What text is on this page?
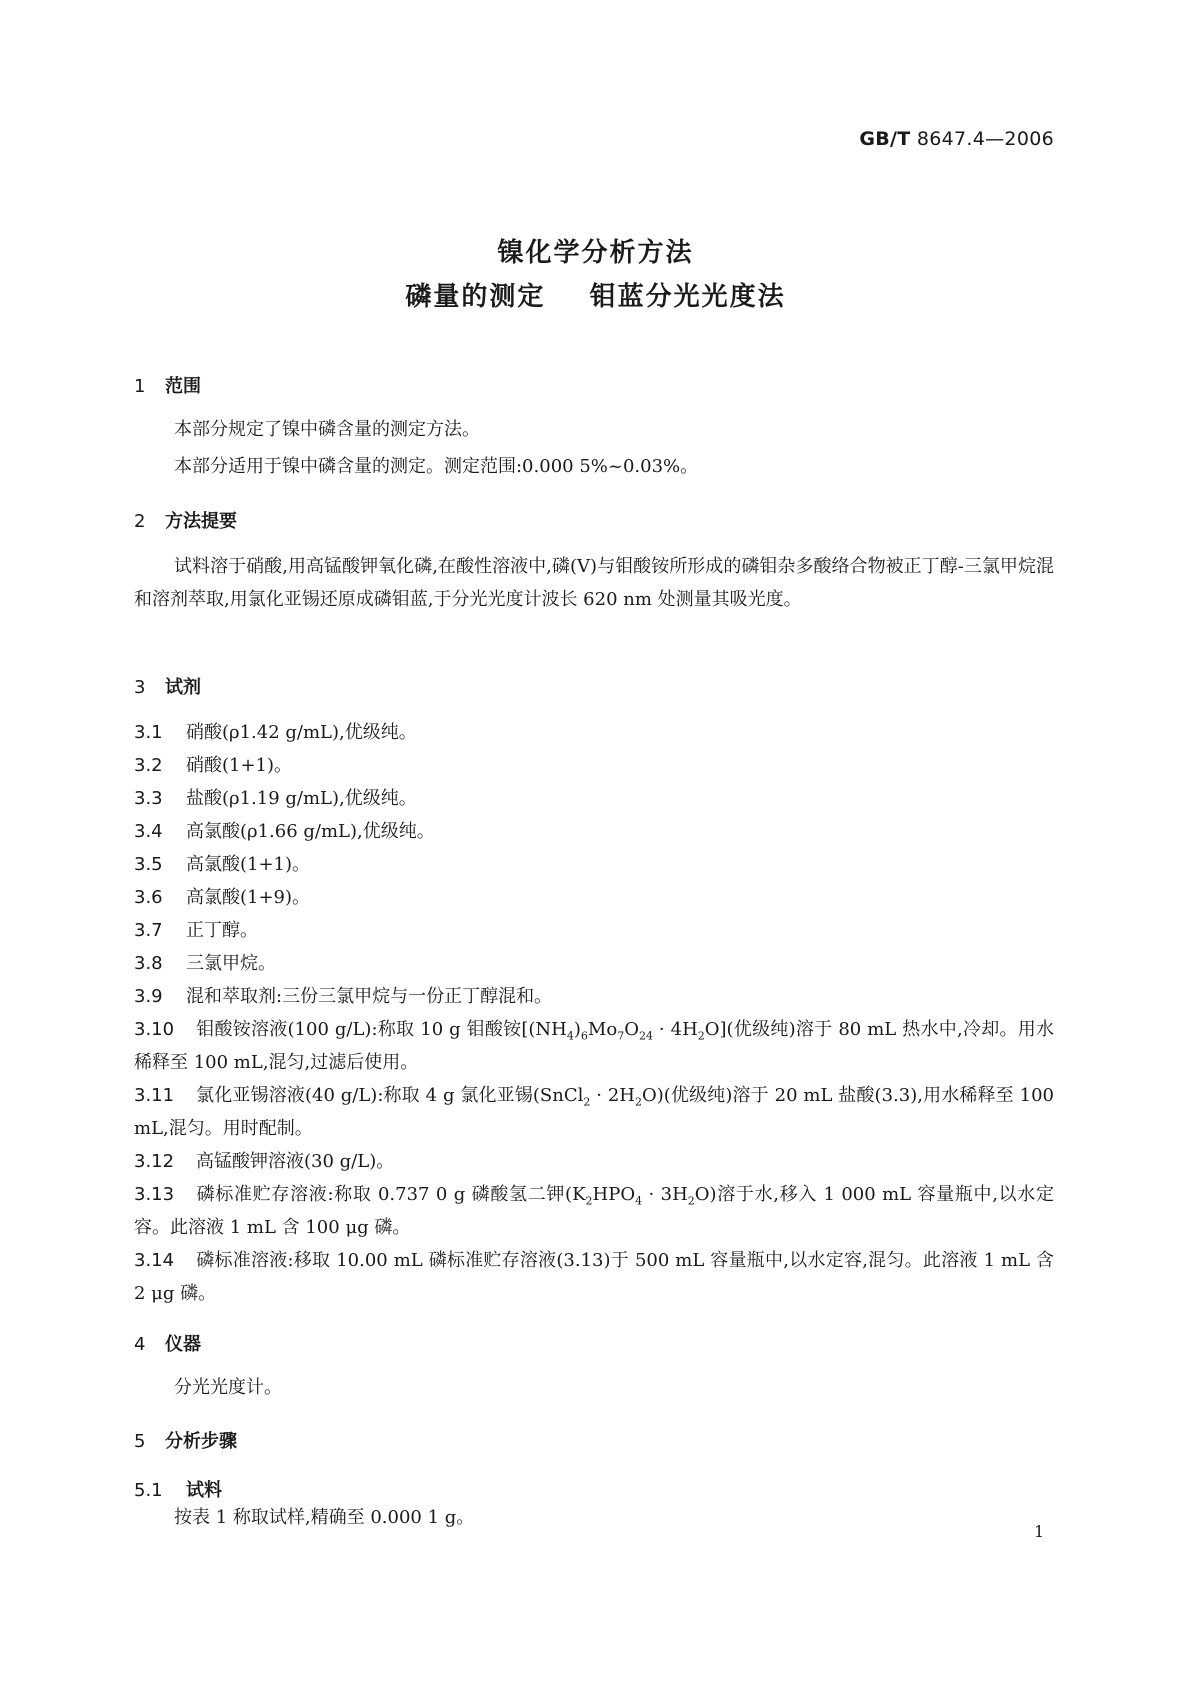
GB/T 8647.4—2006
镍化学分析方法
磷量的测定    钼蓝分光光度法
1 范围
本部分规定了镍中磷含量的测定方法。
本部分适用于镍中磷含量的测定。测定范围:0.000 5%~0.03%。
2 方法提要
试料溶于硝酸,用高锰酸钾氧化磷,在酸性溶液中,磷(Ⅴ)与钼酸铵所形成的磷钼杂多酸络合物被正丁醇-三氯甲烷混和溶剂萃取,用氯化亚锡还原成磷钼蓝,于分光光度计波长 620 nm 处测量其吸光度。
3 试剂
3.1 硝酸(ρ1.42 g/mL),优级纯。
3.2 硝酸(1+1)。
3.3 盐酸(ρ1.19 g/mL),优级纯。
3.4 高氯酸(ρ1.66 g/mL),优级纯。
3.5 高氯酸(1+1)。
3.6 高氯酸(1+9)。
3.7 正丁醇。
3.8 三氯甲烷。
3.9 混和萃取剂:三份三氯甲烷与一份正丁醇混和。
3.10 钼酸铵溶液(100 g/L):称取 10 g 钼酸铵$[(NH_4)_6Mo_7O_{24} \cdot 4H_2O]$(优级纯)溶于 80 mL 热水中,冷却。用水稀释至 100 mL,混匀,过滤后使用。
3.11 氯化亚锡溶液(40 g/L):称取 4 g 氯化亚锡(SnCl$_2$ · $2H_2O$)(优级纯)溶于 20 mL 盐酸(3.3),用水稀释至 100 mL,混匀。用时配制。
3.12 高锰酸钾溶液(30 g/L)。
3.13 磷标准贮存溶液:称取 0.737 0 g 磷酸氢二钾$(K_2HPO_4 \cdot 3H_2O)$溶于水,移入 1 000 mL 容量瓶中,以水定容。此溶液 1 mL 含 100 μg 磷。
3.14 磷标准溶液:移取 10.00 mL 磷标准贮存溶液(3.13)于 500 mL 容量瓶中,以水定容,混匀。此溶液 1 mL 含 2 μg 磷。
4 仪器
分光光度计。
5 分析步骤
5.1 试料
按表 1 称取试样,精确至 0.000 1 g。
1
